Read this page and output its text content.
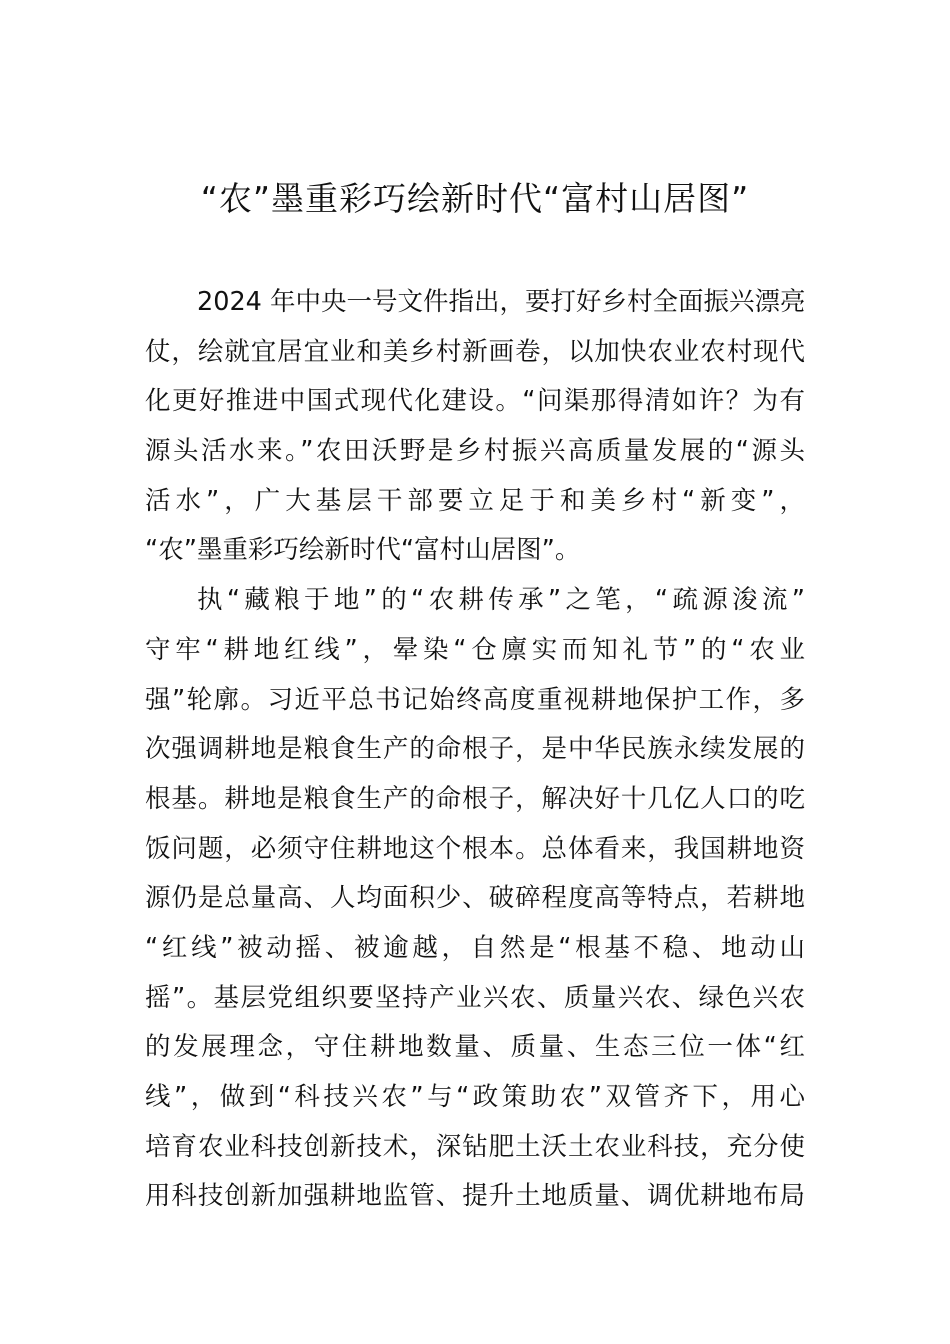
“农”墨重彩巧绘新时代“富村山居图”
2024 年中央一号文件指出，要打好乡村全面振兴漂亮
仗，绘就宜居宜业和美乡村新画卷，以加快农业农村现代
化更好推进中国式现代化建设。“问渠那得清如许？为有
源头活水来。”农田沃野是乡村振兴高质量发展的“源头
活水”，广大基层干部要立足于和美乡村“新变”，
“农”墨重彩巧绘新时代“富村山居图”。
执“藏粮于地”的“农耕传承”之笔，“疏源浚流”
守牢“耕地红线”，晕染“仓廪实而知礼节”的“农业
强”轮廓。习近平总书记始终高度重视耕地保护工作，多
次强调耕地是粮食生产的命根子，是中华民族永续发展的
根基。耕地是粮食生产的命根子，解决好十几亿人口的吃
饭问题，必须守住耕地这个根本。总体看来，我国耕地资
源仍是总量高、人均面积少、破碎程度高等特点，若耕地
“红线”被动摇、被逾越，自然是“根基不稳、地动山
摇”。基层党组织要坚持产业兴农、质量兴农、绿色兴农
的发展理念，守住耕地数量、质量、生态三位一体“红
线”，做到“科技兴农”与“政策助农”双管齐下，用心
培育农业科技创新技术，深钻肥土沃土农业科技，充分使
用科技创新加强耕地监管、提升土地质量、调优耕地布局
